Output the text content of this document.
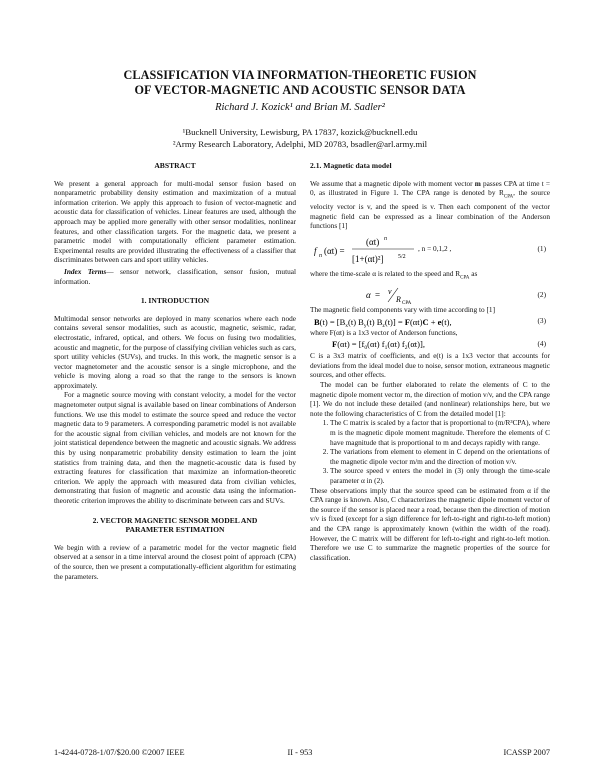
CLASSIFICATION VIA INFORMATION-THEORETIC FUSION
OF VECTOR-MAGNETIC AND ACOUSTIC SENSOR DATA
Richard J. Kozick¹ and Brian M. Sadler²
¹Bucknell University, Lewisburg, PA 17837, kozick@bucknell.edu
²Army Research Laboratory, Adelphi, MD 20783, bsadler@arl.army.mil

ABSTRACT

We present a general approach for multi-modal sensor fusion based on nonparametric probability density estimation and maximization of a mutual information criterion. We apply this approach to fusion of vector-magnetic and acoustic data for classification of vehicles. Linear features are used, although the approach may be applied more generally with other sensor modalities, nonlinear features, and other classification targets. For the magnetic data, we present a parametric model with computationally efficient parameter estimation. Experimental results are provided illustrating the effectiveness of a classifier that discriminates between cars and sport utility vehicles.

Index Terms— sensor network, classification, sensor fusion, mutual information.

1. INTRODUCTION

Multimodal sensor networks are deployed in many scenarios where each node contains several sensor modalities, such as acoustic, magnetic, seismic, radar, electrostatic, infrared, optical, and others. We focus on fusing two modalities, acoustic and magnetic, for the purpose of classifying civilian vehicles such as cars, sport utility vehicles (SUVs), and trucks. In this work, the magnetic sensor is a vector magnetometer and the acoustic sensor is a single microphone, and the vehicle is moving along a road so that the range to the sensors is known approximately.

For a magnetic source moving with constant velocity, a model for the vector magnetometer output signal is available based on linear combinations of Anderson functions. We use this model to estimate the source speed and reduce the vector magnetic data to 9 parameters. A corresponding parametric model is not available for the acoustic signal from civilian vehicles, and models are not known for the joint statistical dependence between the magnetic and acoustic signals. We address this by using nonparametric probability density estimation to learn the joint statistics from training data, and then the magnetic-acoustic data is fused by extracting features for classification that maximize an information-theoretic criterion. We apply the approach with measured data from civilian vehicles, demonstrating that fusion of magnetic and acoustic data using the information-theoretic criterion improves the ability to discriminate between cars and SUVs.

2. VECTOR MAGNETIC SENSOR MODEL AND
PARAMETER ESTIMATION

We begin with a review of a parametric model for the vector magnetic field observed at a sensor in a time interval around the closest point of approach (CPA) of the source, then we present a computationally-efficient algorithm for estimating the parameters.

2.1. Magnetic data model

We assume that a magnetic dipole with moment vector m passes CPA at time t = 0, as illustrated in Figure 1. The CPA range is denoted by $R_{CPA}$, the source velocity vector is v, and the speed is v. Then each component of the vector magnetic field can be expressed as a linear combination of the Anderson functions [1]

f n (αt) =
(αt) n
[1+(αt)²] 5/2
, n = 0,1,2 ,	(1)

where the time-scale α is related to the speed and $R_{CPA}$ as

α = v
R CPA
(2)

The magnetic field components vary with time according to [1]

$B(t) = [B_x(t)$ $B_y(t) B_z(t)] = F(\alpha t)C + e(t)$,	(3)

where F(αt) is a 1x3 vector of Anderson functions,

$F(\alpha t) = [f_0(\alpha t)$ $f_1(\alpha t)$ $f_2(\alpha t)$],	(4)

C is a 3x3 matrix of coefficients, and e(t) is a 1x3 vector that accounts for deviations from the ideal model due to noise, sensor motion, extraneous magnetic sources, and other effects.

The model can be further elaborated to relate the elements of C to the magnetic dipole moment vector m, the direction of motion v/v, and the CPA range [1]. We do not include these detailed (and nonlinear) relationships here, but we note the following characteristics of C from the detailed model [1]:

1. The C matrix is scaled by a factor that is proportional to (m/R³CPA), where m is the magnetic dipole moment magnitude. Therefore the elements of C have magnitude that is proportional to m and decays rapidly with range.
2. The variations from element to element in C depend on the orientations of the magnetic dipole vector m/m and the direction of motion v/v.
3. The source speed v enters the model in (3) only through the time-scale parameter α in (2).

These observations imply that the source speed can be estimated from α if the CPA range is known. Also, C characterizes the magnetic dipole moment vector of the source if the sensor is placed near a road, because then the direction of motion v/v is fixed (except for a sign difference for left-to-right and right-to-left motion) and the CPA range is approximately known (within the width of the road). However, the C matrix will be different for left-to-right and right-to-left motion. Therefore we use C to summarize the magnetic properties of the source for classification.

1-4244-0728-1/07/$20.00 ©2007 IEEE	II - 953	ICASSP 2007
